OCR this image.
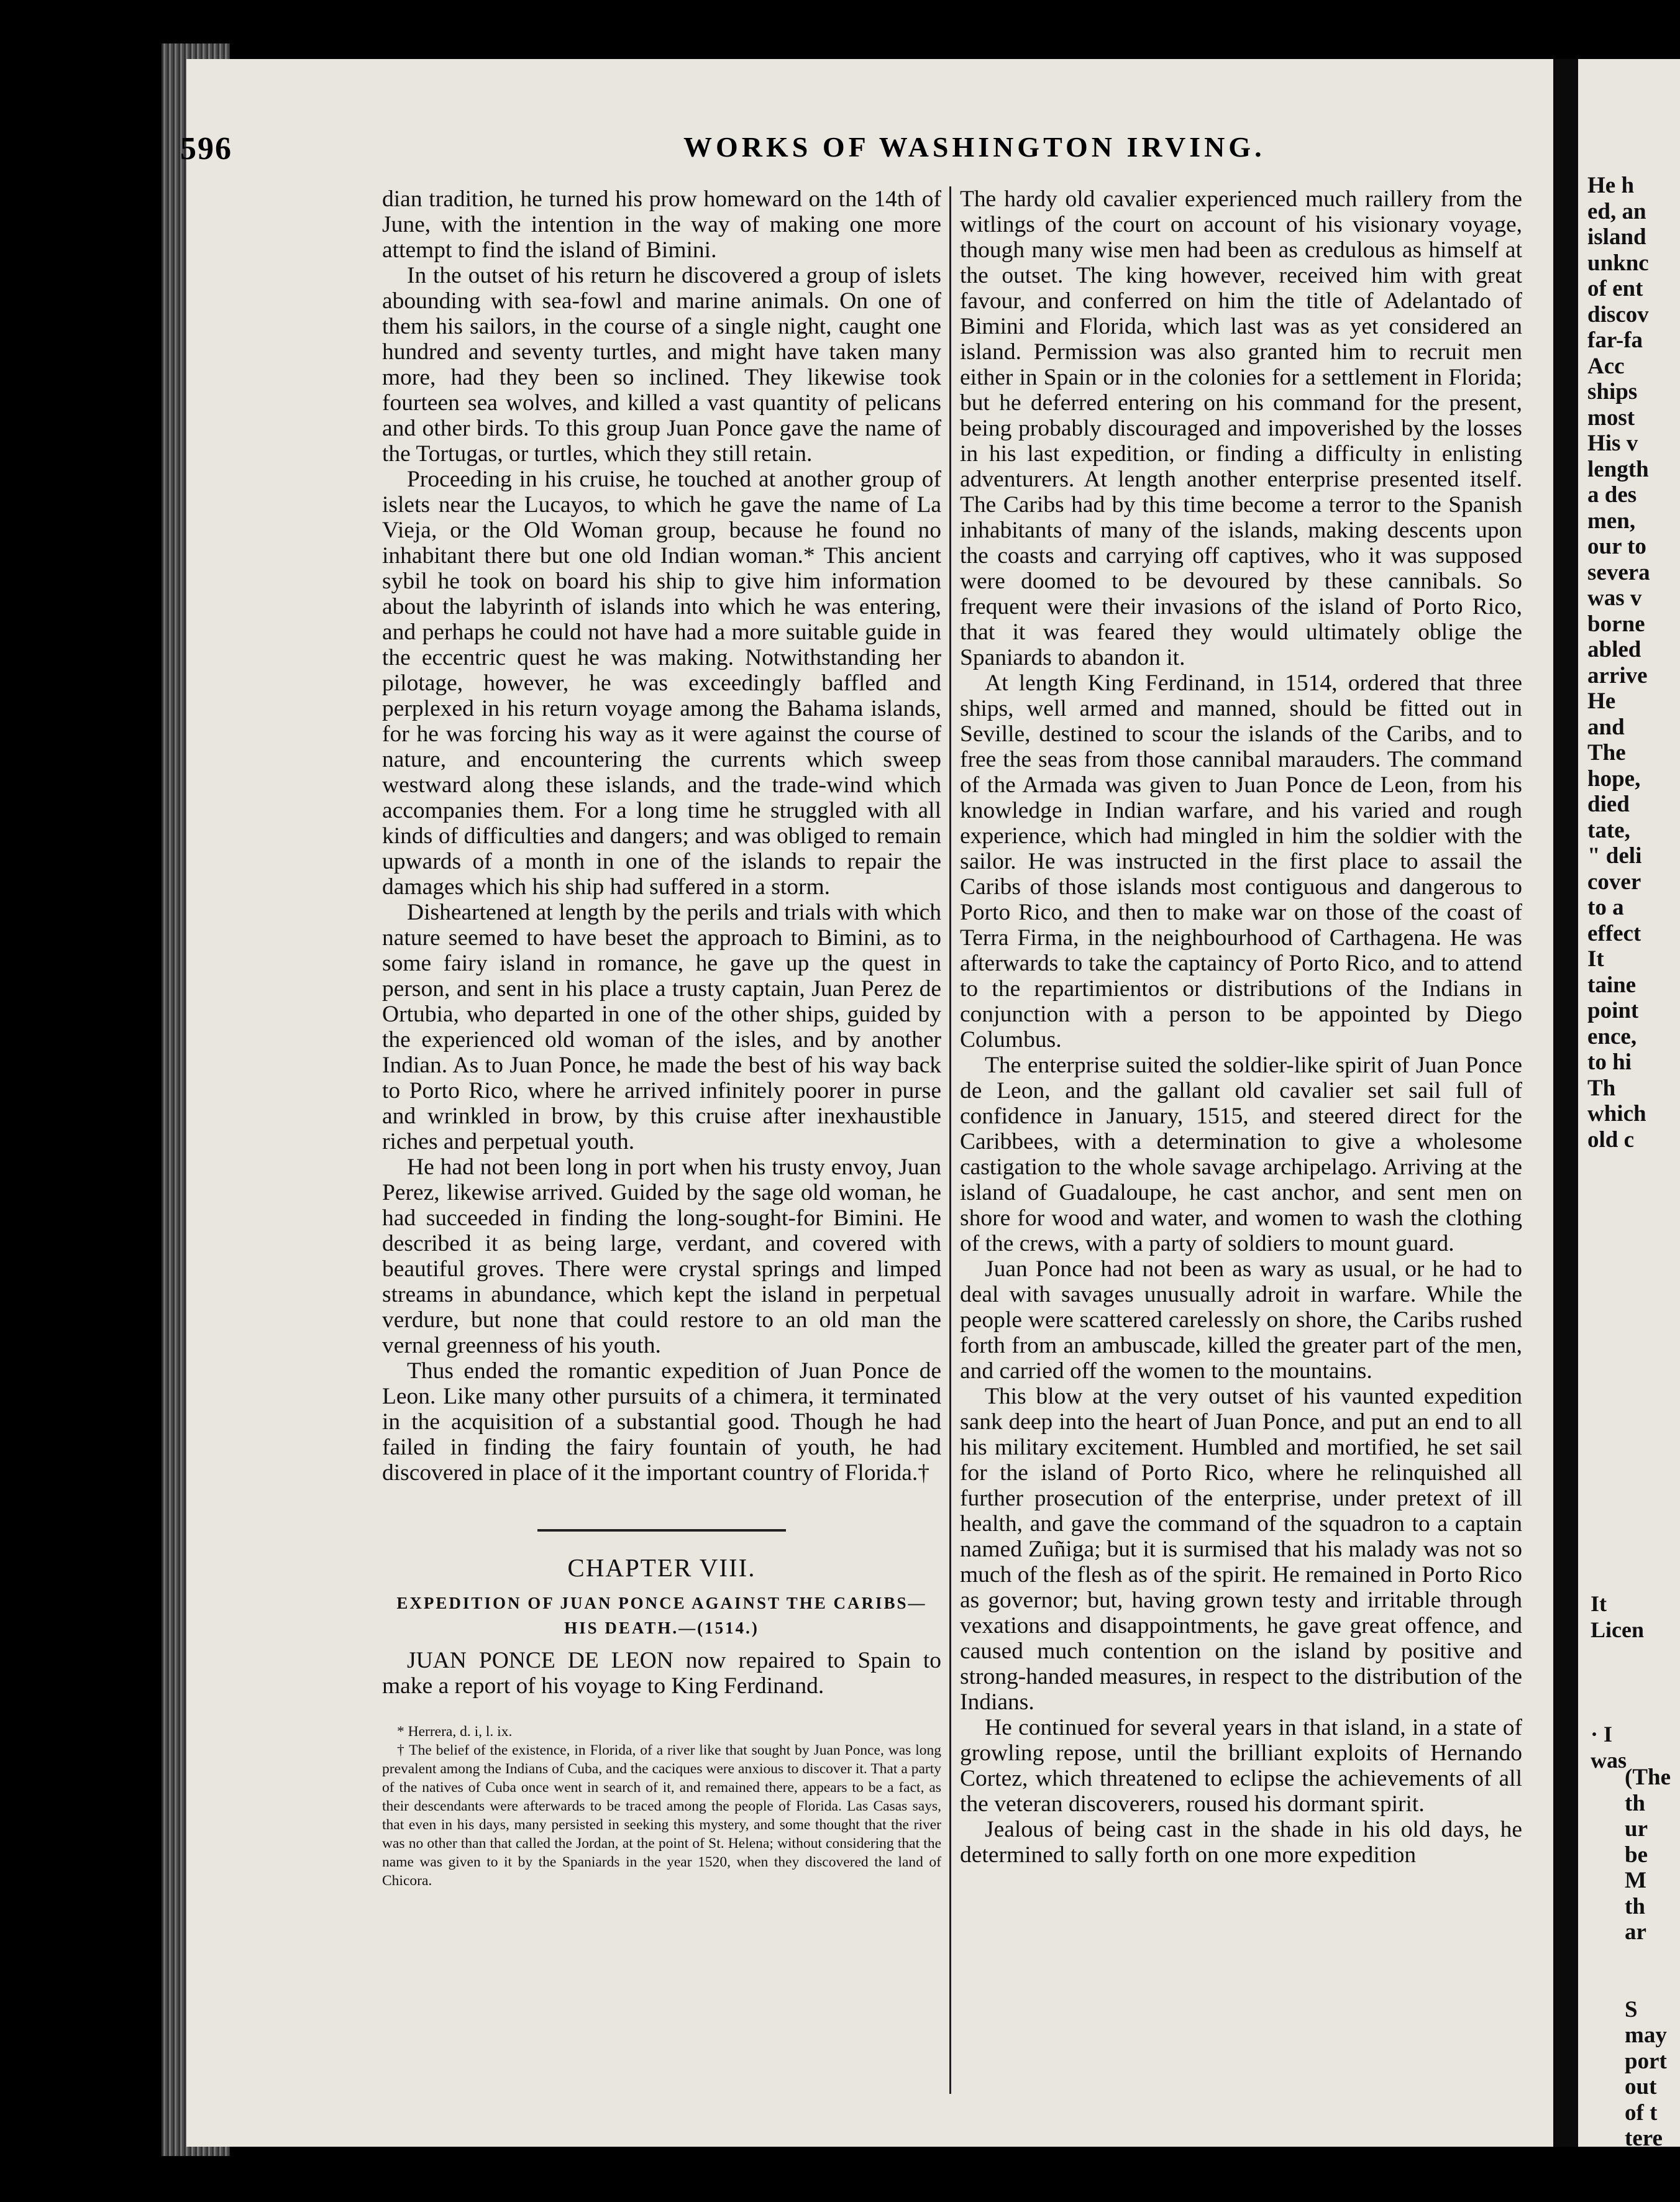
596	WORKS OF WASHINGTON IRVING.

dian tradition, he turned his prow homeward on the 14th of June, with the intention in the way of making one more attempt to find the island of Bimini.

In the outset of his return he discovered a group of islets abounding with sea-fowl and marine animals. On one of them his sailors, in the course of a single night, caught one hundred and seventy turtles, and might have taken many more, had they been so inclined. They likewise took fourteen sea wolves, and killed a vast quantity of pelicans and other birds. To this group Juan Ponce gave the name of the Tortugas, or turtles, which they still retain.

Proceeding in his cruise, he touched at another group of islets near the Lucayos, to which he gave the name of La Vieja, or the Old Woman group, because he found no inhabitant there but one old Indian woman.* This ancient sybil he took on board his ship to give him information about the labyrinth of islands into which he was entering, and perhaps he could not have had a more suitable guide in the eccentric quest he was making. Notwithstanding her pilotage, however, he was exceedingly baffled and perplexed in his return voyage among the Bahama islands, for he was forcing his way as it were against the course of nature, and encountering the currents which sweep westward along these islands, and the trade-wind which accompanies them. For a long time he struggled with all kinds of difficulties and dangers; and was obliged to remain upwards of a month in one of the islands to repair the damages which his ship had suffered in a storm.

Disheartened at length by the perils and trials with which nature seemed to have beset the approach to Bimini, as to some fairy island in romance, he gave up the quest in person, and sent in his place a trusty captain, Juan Perez de Ortubia, who departed in one of the other ships, guided by the experienced old woman of the isles, and by another Indian. As to Juan Ponce, he made the best of his way back to Porto Rico, where he arrived infinitely poorer in purse and wrinkled in brow, by this cruise after inexhaustible riches and perpetual youth.

He had not been long in port when his trusty envoy, Juan Perez, likewise arrived. Guided by the sage old woman, he had succeeded in finding the long-sought-for Bimini. He described it as being large, verdant, and covered with beautiful groves. There were crystal springs and limped streams in abundance, which kept the island in perpetual verdure, but none that could restore to an old man the vernal greenness of his youth.

Thus ended the romantic expedition of Juan Ponce de Leon. Like many other pursuits of a chimera, it terminated in the acquisition of a substantial good. Though he had failed in finding the fairy fountain of youth, he had discovered in place of it the important country of Florida.†

CHAPTER VIII.
EXPEDITION OF JUAN PONCE AGAINST THE CARIBS—HIS DEATH.—(1514.)

JUAN PONCE DE LEON now repaired to Spain to make a report of his voyage to King Ferdinand.

* Herrera, d. i, l. ix.

† The belief of the existence, in Florida, of a river like that sought by Juan Ponce, was long prevalent among the Indians of Cuba, and the caciques were anxious to discover it. That a party of the natives of Cuba once went in search of it, and remained there, appears to be a fact, as their descendants were afterwards to be traced among the people of Florida. Las Casas says, that even in his days, many persisted in seeking this mystery, and some thought that the river was no other than that called the Jordan, at the point of St. Helena; without considering that the name was given to it by the Spaniards in the year 1520, when they discovered the land of Chicora.

The hardy old cavalier experienced much raillery from the witlings of the court on account of his visionary voyage, though many wise men had been as credulous as himself at the outset. The king however, received him with great favour, and conferred on him the title of Adelantado of Bimini and Florida, which last was as yet considered an island. Permission was also granted him to recruit men either in Spain or in the colonies for a settlement in Florida; but he deferred entering on his command for the present, being probably discouraged and impoverished by the losses in his last expedition, or finding a difficulty in enlisting adventurers. At length another enterprise presented itself. The Caribs had by this time become a terror to the Spanish inhabitants of many of the islands, making descents upon the coasts and carrying off captives, who it was supposed were doomed to be devoured by these cannibals. So frequent were their invasions of the island of Porto Rico, that it was feared they would ultimately oblige the Spaniards to abandon it.

At length King Ferdinand, in 1514, ordered that three ships, well armed and manned, should be fitted out in Seville, destined to scour the islands of the Caribs, and to free the seas from those cannibal marauders. The command of the Armada was given to Juan Ponce de Leon, from his knowledge in Indian warfare, and his varied and rough experience, which had mingled in him the soldier with the sailor. He was instructed in the first place to assail the Caribs of those islands most contiguous and dangerous to Porto Rico, and then to make war on those of the coast of Terra Firma, in the neighbourhood of Carthagena. He was afterwards to take the captaincy of Porto Rico, and to attend to the repartimientos or distributions of the Indians in conjunction with a person to be appointed by Diego Columbus.

The enterprise suited the soldier-like spirit of Juan Ponce de Leon, and the gallant old cavalier set sail full of confidence in January, 1515, and steered direct for the Caribbees, with a determination to give a wholesome castigation to the whole savage archipelago. Arriving at the island of Guadaloupe, he cast anchor, and sent men on shore for wood and water, and women to wash the clothing of the crews, with a party of soldiers to mount guard.

Juan Ponce had not been as wary as usual, or he had to deal with savages unusually adroit in warfare. While the people were scattered carelessly on shore, the Caribs rushed forth from an ambuscade, killed the greater part of the men, and carried off the women to the mountains.

This blow at the very outset of his vaunted expedition sank deep into the heart of Juan Ponce, and put an end to all his military excitement. Humbled and mortified, he set sail for the island of Porto Rico, where he relinquished all further prosecution of the enterprise, under pretext of ill health, and gave the command of the squadron to a captain named Zuñiga; but it is surmised that his malady was not so much of the flesh as of the spirit. He remained in Porto Rico as governor; but, having grown testy and irritable through vexations and disappointments, he gave great offence, and caused much contention on the island by positive and strong-handed measures, in respect to the distribution of the Indians.

He continued for several years in that island, in a state of growling repose, until the brilliant exploits of Hernando Cortez, which threatened to eclipse the achievements of all the veteran discoverers, roused his dormant spirit.

Jealous of being cast in the shade in his old days, he determined to sally forth on one more expedition

He h
ed, an
island
unknc
of ent
discov
far-fa
Acc
ships
most
His v
length
a des
men,
our to
severa
was v
borne
abled
arrive
He
and
The
hope,
died
tate,
" deli
cover
to a
effect
It
taine
point
ence,
to hi
Th
which
old c
It
Licen

· I
was
(The
th
ur
be
M
th
ar

S
may
port
out
of t
tere
